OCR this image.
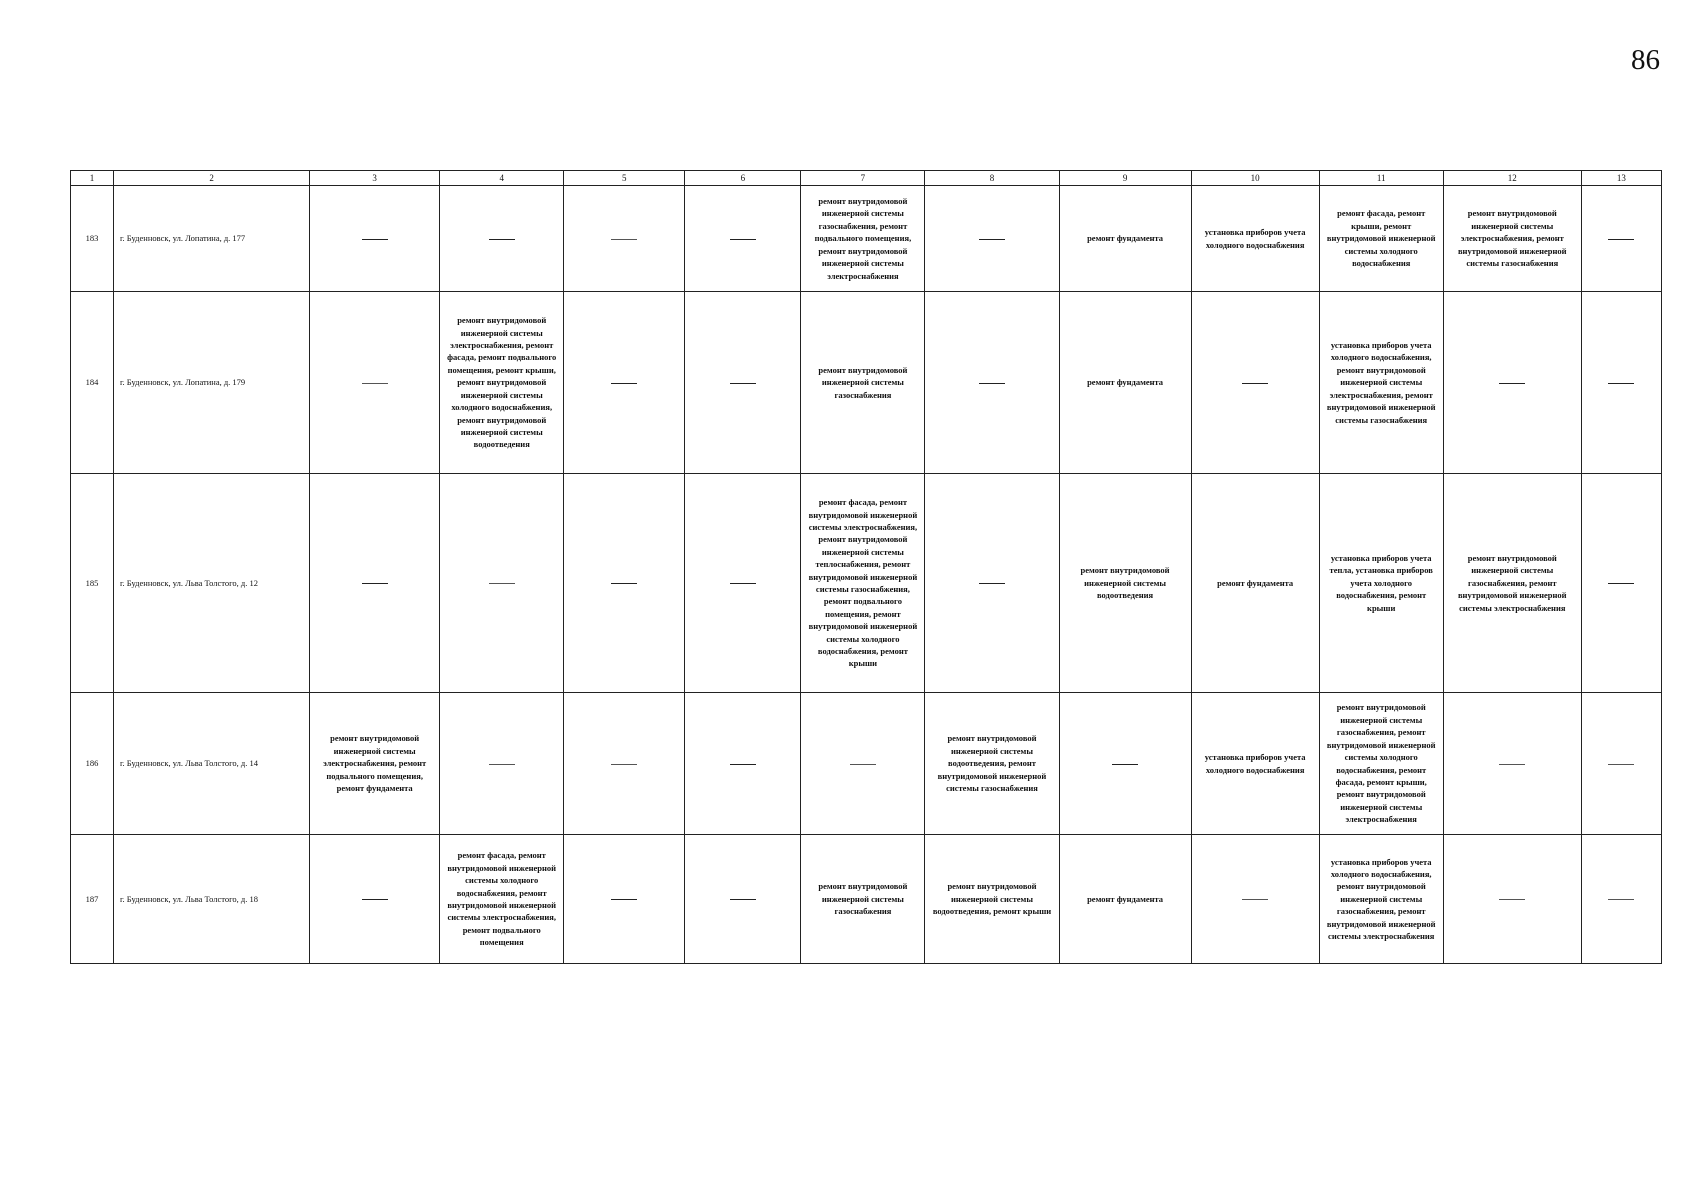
86
1	2	3	4	5	6	7	8	9	10	11	12	13
183	г. Буденновск, ул. Лопатина, д. 177					ремонт внутридомовой инженерной системы газоснабжения, ремонт подвального помещения, ремонт внутридомовой инженерной системы электроснабжения		ремонт фундамента	установка приборов учета холодного водоснабжения	ремонт фасада, ремонт крыши, ремонт внутридомовой инженерной системы холодного водоснабжения	ремонт внутридомовой инженерной системы электроснабжения, ремонт внутридомовой инженерной системы газоснабжения	
184	г. Буденновск, ул. Лопатина, д. 179		ремонт внутридомовой инженерной системы электроснабжения, ремонт фасада, ремонт подвального помещения, ремонт крыши, ремонт внутридомовой инженерной системы холодного водоснабжения, ремонт внутридомовой инженерной системы водоотведения			ремонт внутридомовой инженерной системы газоснабжения		ремонт фундамента		установка приборов учета холодного водоснабжения, ремонт внутридомовой инженерной системы электроснабжения, ремонт внутридомовой инженерной системы газоснабжения		
185	г. Буденновск, ул. Льва Толстого, д. 12					ремонт фасада, ремонт внутридомовой инженерной системы электроснабжения, ремонт внутридомовой инженерной системы теплоснабжения, ремонт внутридомовой инженерной системы газоснабжения, ремонт подвального помещения, ремонт внутридомовой инженерной системы холодного водоснабжения, ремонт крыши		ремонт внутридомовой инженерной системы водоотведения	ремонт фундамента	установка приборов учета тепла, установка приборов учета холодного водоснабжения, ремонт крыши	ремонт внутридомовой инженерной системы газоснабжения, ремонт внутридомовой инженерной системы электроснабжения	
186	г. Буденновск, ул. Льва Толстого, д. 14	ремонт внутридомовой инженерной системы электроснабжения, ремонт подвального помещения, ремонт фундамента					ремонт внутридомовой инженерной системы водоотведения, ремонт внутридомовой инженерной системы газоснабжения		установка приборов учета холодного водоснабжения	ремонт внутридомовой инженерной системы газоснабжения, ремонт внутридомовой инженерной системы холодного водоснабжения, ремонт фасада, ремонт крыши, ремонт внутридомовой инженерной системы электроснабжения		
187	г. Буденновск, ул. Льва Толстого, д. 18		ремонт фасада, ремонт внутридомовой инженерной системы холодного водоснабжения, ремонт внутридомовой инженерной системы электроснабжения, ремонт подвального помещения			ремонт внутридомовой инженерной системы газоснабжения	ремонт внутридомовой инженерной системы водоотведения, ремонт крыши	ремонт фундамента		установка приборов учета холодного водоснабжения, ремонт внутридомовой инженерной системы газоснабжения, ремонт внутридомовой инженерной системы электроснабжения		
